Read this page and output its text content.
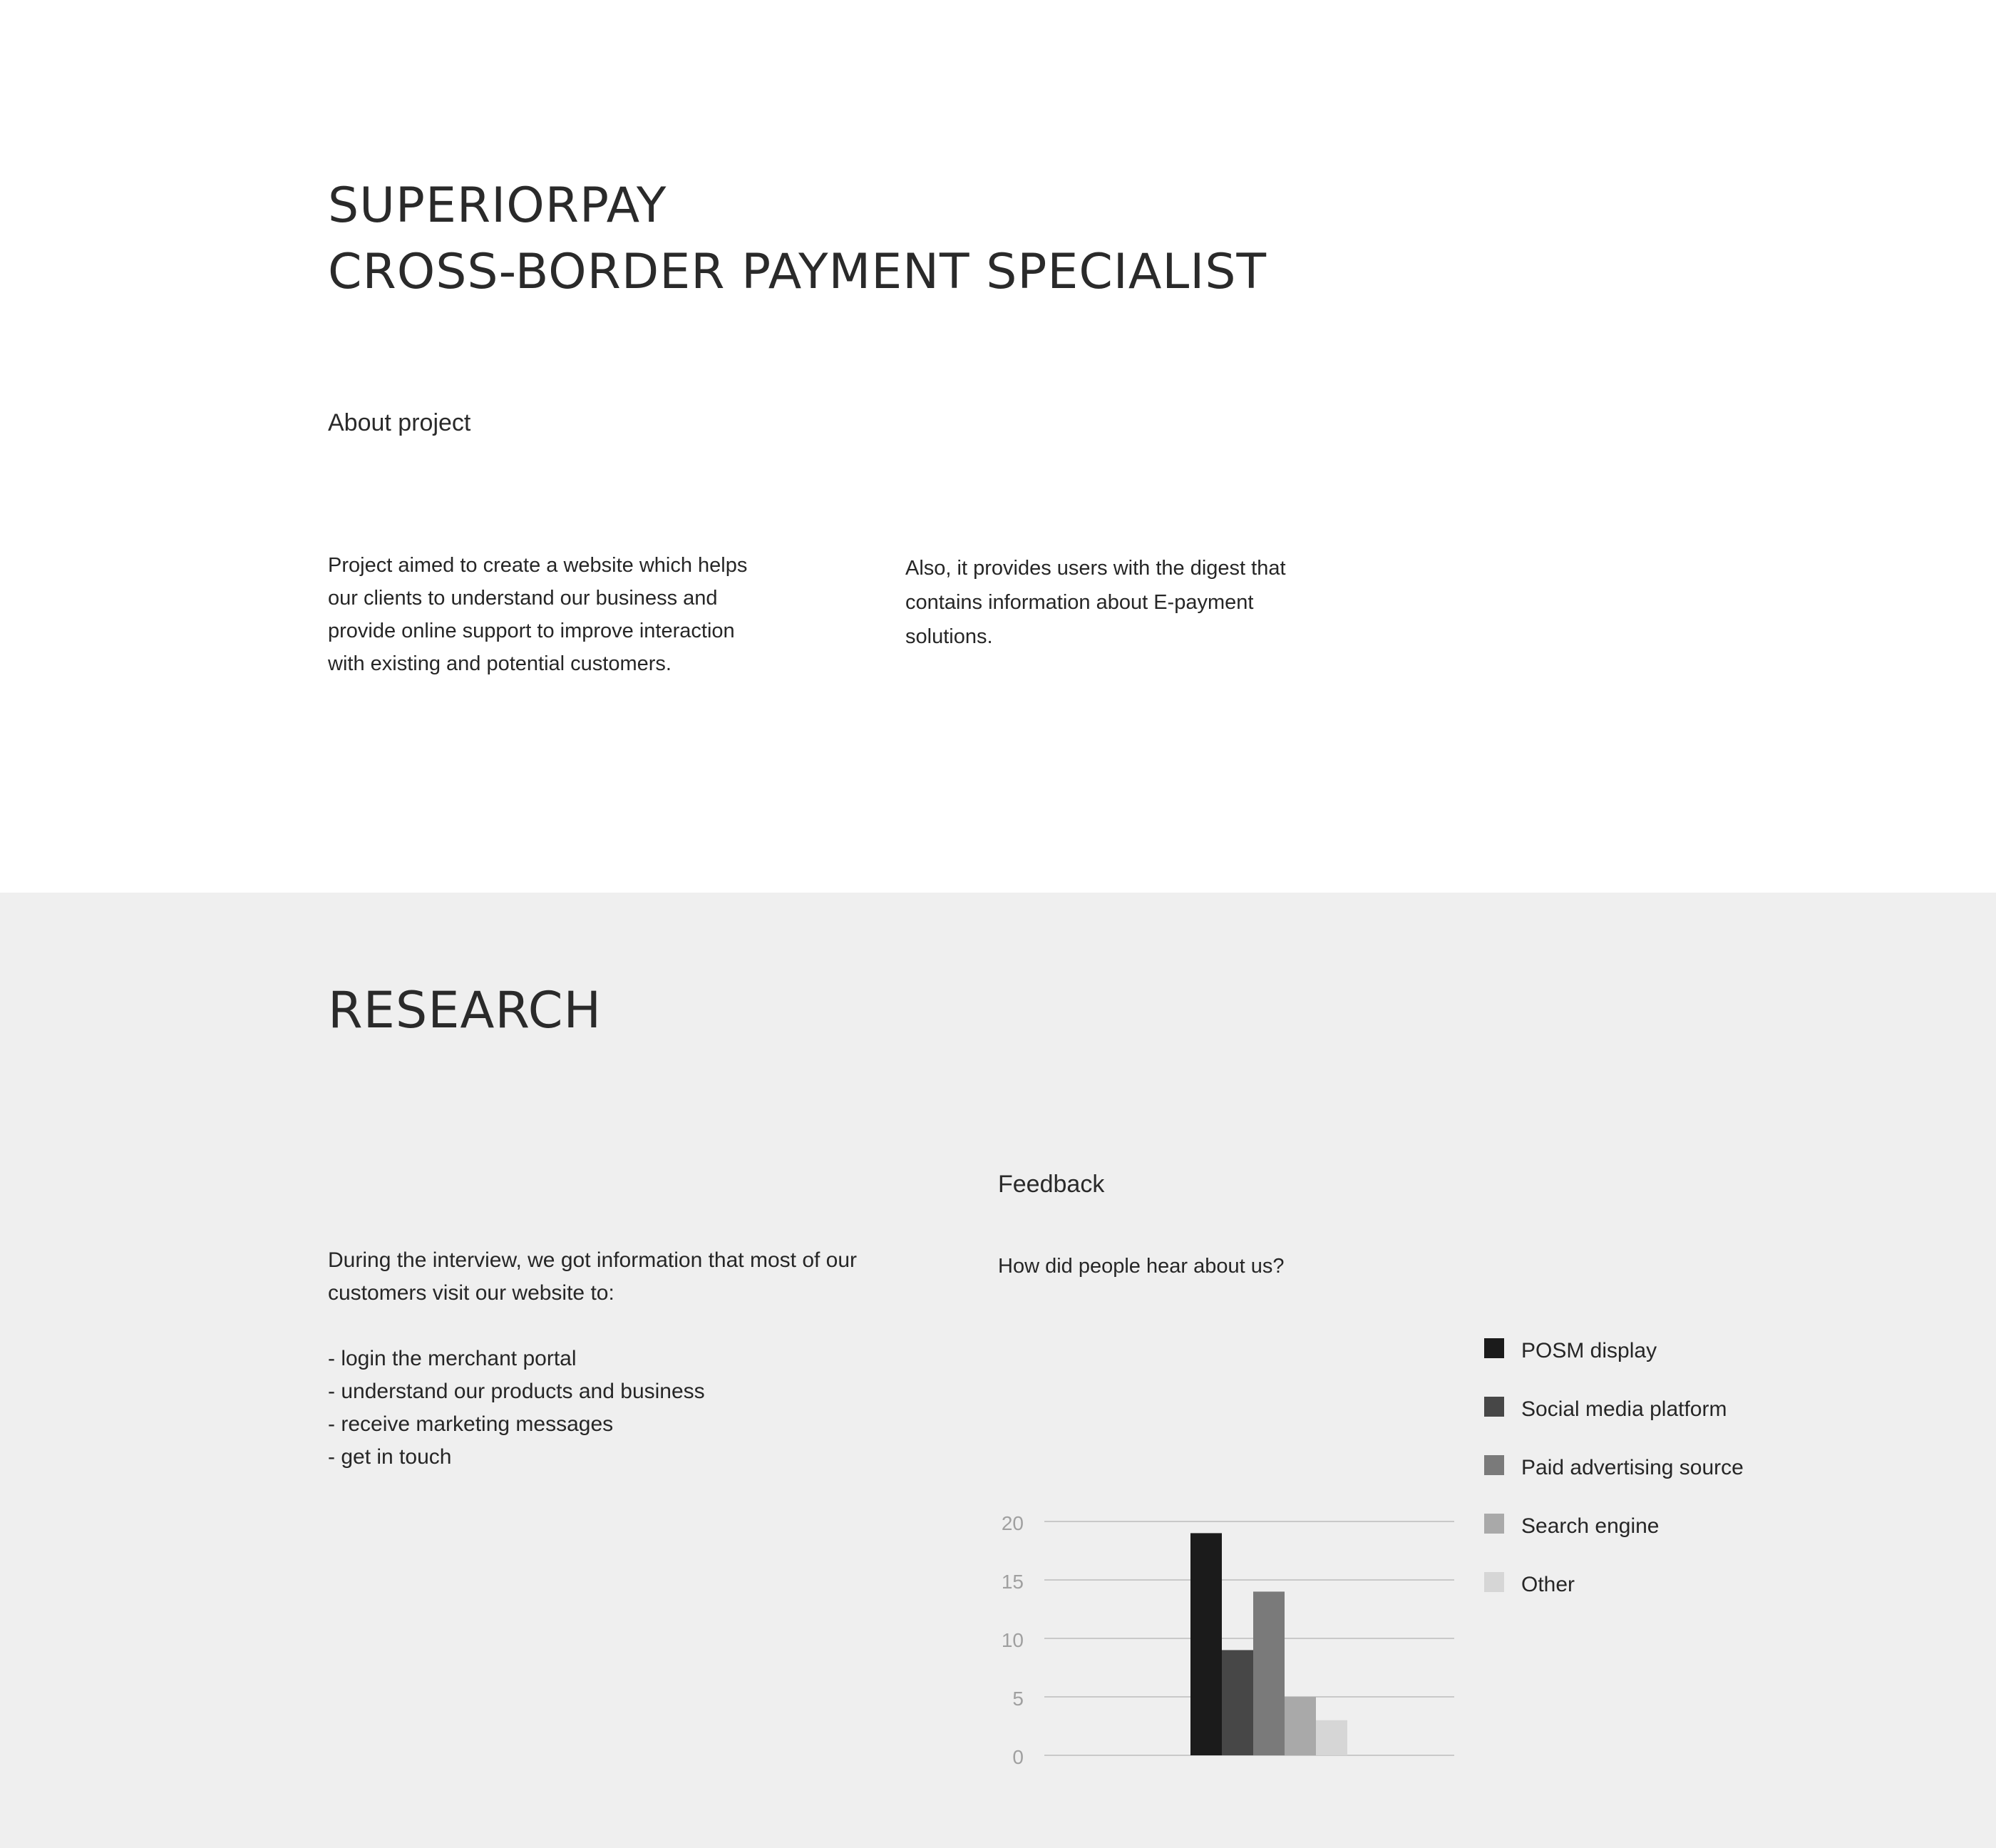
SUPERIORPAY
CROSS-BORDER PAYMENT SPECIALIST
About project

Project aimed to create a website which helps our clients to understand our business and provide online support to improve interaction with existing and potential customers.

Also, it provides users with the digest that contains information about E-payment solutions.

RESEARCH

During the interview, we got information that most of our customers visit our website to:

- login the merchant portal
- understand our products and business
- receive marketing messages
- get in touch
Feedback

How did people hear about us?

0
5
10
15
20
POSM display
Social media platform
Paid advertising source
Search engine
Other
